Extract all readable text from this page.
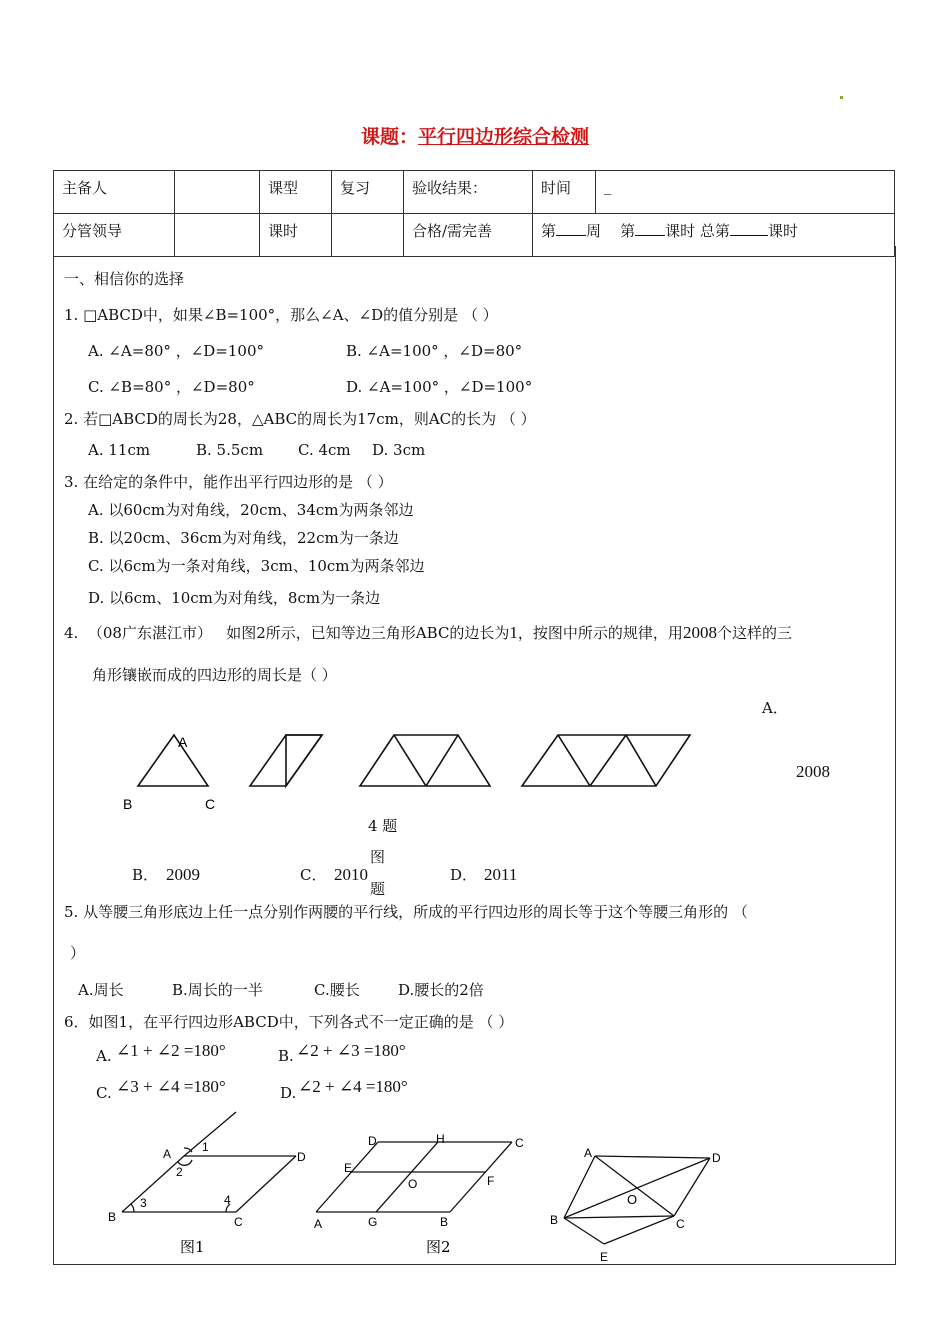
课题：平行四边形综合检测
主备人		课型	复习	验收结果：	时间	_
分管领导		课时		合格/需完善	第 周 第 课时 总第 课时	
一、相信你的选择
1. □ABCD中，如果∠B=100°，那么∠A、∠D的值分别是 （ ）
A. ∠A=80° ，∠D=100°	B. ∠A=100° ，∠D=80°
C. ∠B=80° ，∠D=80°	D. ∠A=100° ，∠D=100°
2. 若□ABCD的周长为28，△ABC的周长为17cm，则AC的长为 （ ）
A. 11cm	B. 5.5cm C. 4cm D. 3cm
3. 在给定的条件中，能作出平行四边形的是 （ ）
A. 以60cm为对角线，20cm、34cm为两条邻边
B. 以20cm、36cm为对角线，22cm为一条边
C. 以6cm为一条对角线，3cm、10cm为两条邻边
D. 以6cm、10cm为对角线，8cm为一条边
4. （08广东湛江市） 如图2所示，已知等边三角形ABC的边长为1，按图中所示的规律，用2008个这样的三
角形镶嵌而成的四边形的周长是（ ）
A．
2008
A
B	C
4 题
图
题
B． 2009	C． 2010	D． 2011
5. 从等腰三角形底边上任一点分别作两腰的平行线，所成的平行四边形的周长等于这个等腰三角形的 （
）
A.周长	B.周长的一半	C.腰长	D.腰长的2倍
6．如图1，在平行四边形ABCD中，下列各式不一定正确的是 （ ）
A. ∠1 + ∠2 =180°	B. ∠2 + ∠3 =180°
C. ∠3 + ∠4 =180°	D. ∠2 + ∠4 =180°
A
B	C
D
1
2
3	4
图1
D	H	C
E
O	F
A	G	B
图2
A	D
O
B	C
E
